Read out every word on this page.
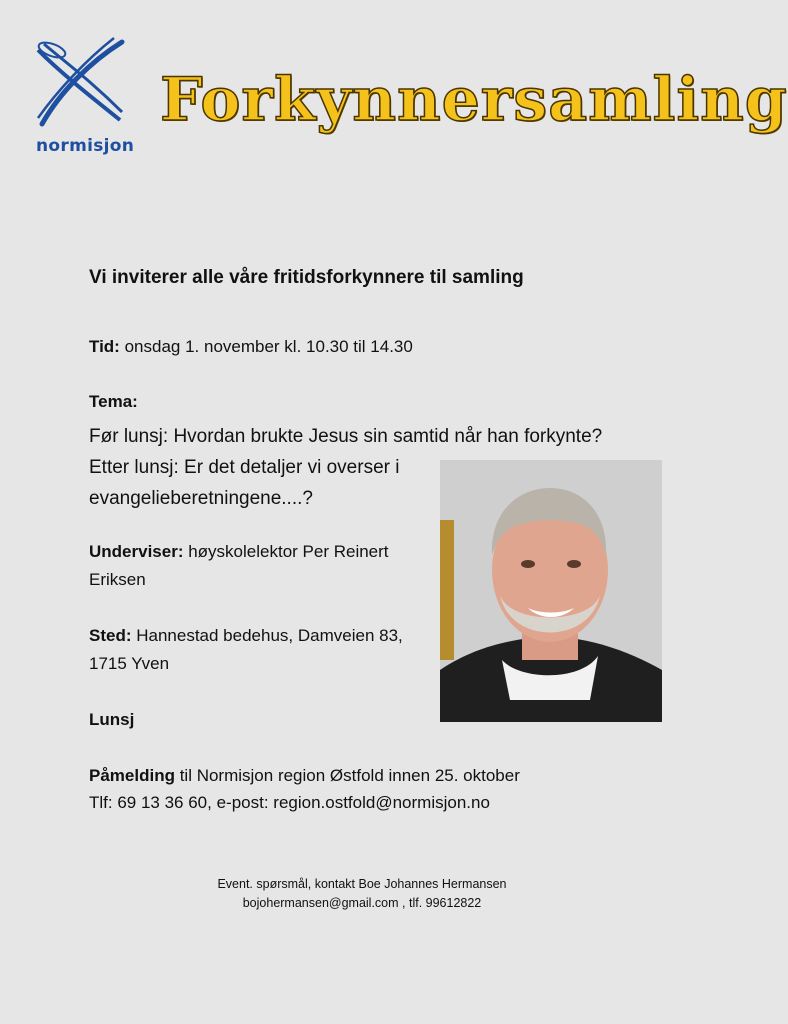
normisjon
Forkynnersamling
Vi inviterer alle våre fritidsforkynnere til samling
Tid: onsdag 1. november kl. 10.30 til 14.30
Tema:
Før lunsj: Hvordan brukte Jesus sin samtid når han forkynte?
Etter lunsj: Er det detaljer vi overser i
evangelieberetningene....?
Underviser: høyskolelektor Per Reinert
Eriksen
Sted: Hannestad bedehus, Damveien 83,
1715 Yven
Lunsj
Påmelding til Normisjon region Østfold innen 25. oktober
Tlf: 69 13 36 60, e-post: region.ostfold@normisjon.no
Event. spørsmål, kontakt Boe Johannes Hermansen
bojohermansen@gmail.com , tlf. 99612822
